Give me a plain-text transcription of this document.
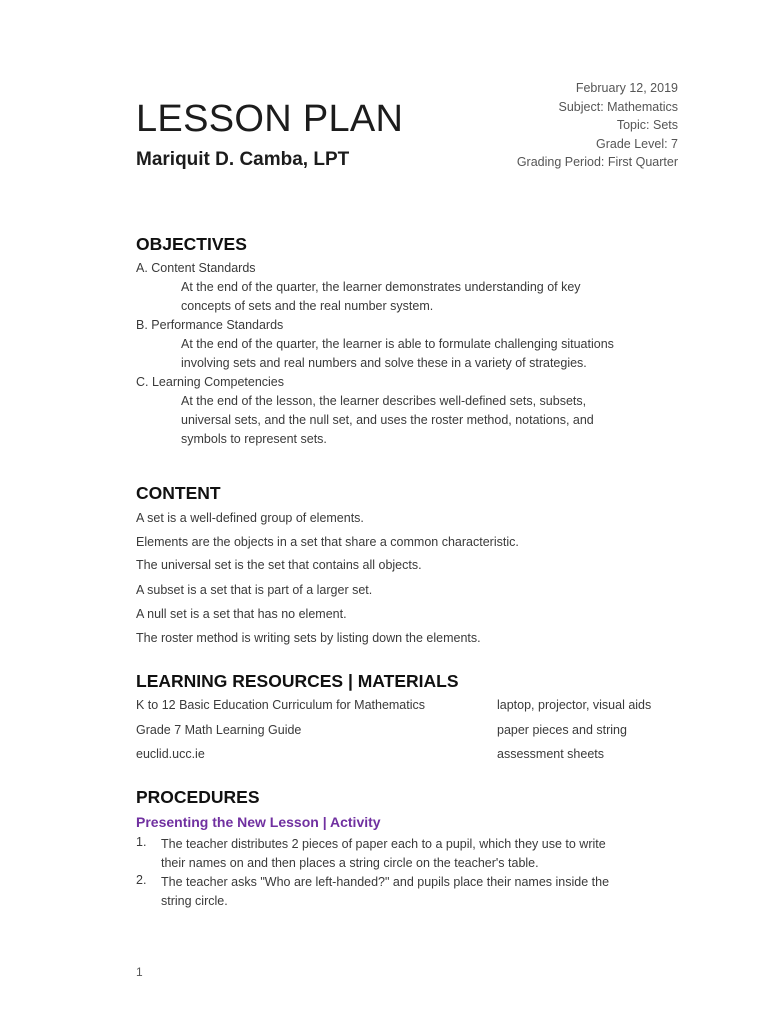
February 12, 2019
Subject: Mathematics
Topic: Sets
Grade Level: 7
Grading Period: First Quarter
LESSON PLAN
Mariquit D. Camba, LPT
OBJECTIVES
A. Content Standards
At the end of the quarter, the learner demonstrates understanding of key
concepts of sets and the real number system.
B. Performance Standards
At the end of the quarter, the learner is able to formulate challenging situations
involving sets and real numbers and solve these in a variety of strategies.
C. Learning Competencies
At the end of the lesson, the learner describes well-defined sets, subsets,
universal sets, and the null set, and uses the roster method, notations, and
symbols to represent sets.
CONTENT
A set is a well-defined group of elements.
Elements are the objects in a set that share a common characteristic.
The universal set is the set that contains all objects.
A subset is a set that is part of a larger set.
A null set is a set that has no element.
The roster method is writing sets by listing down the elements.
LEARNING RESOURCES | MATERIALS
K to 12 Basic Education Curriculum for Mathematics
Grade 7 Math Learning Guide
euclid.ucc.ie
laptop, projector, visual aids
paper pieces and string
assessment sheets
PROCEDURES
Presenting the New Lesson | Activity
1. The teacher distributes 2 pieces of paper each to a pupil, which they use to write
their names on and then places a string circle on the teacher's table.
2. The teacher asks "Who are left-handed?" and pupils place their names inside the
string circle.
1
